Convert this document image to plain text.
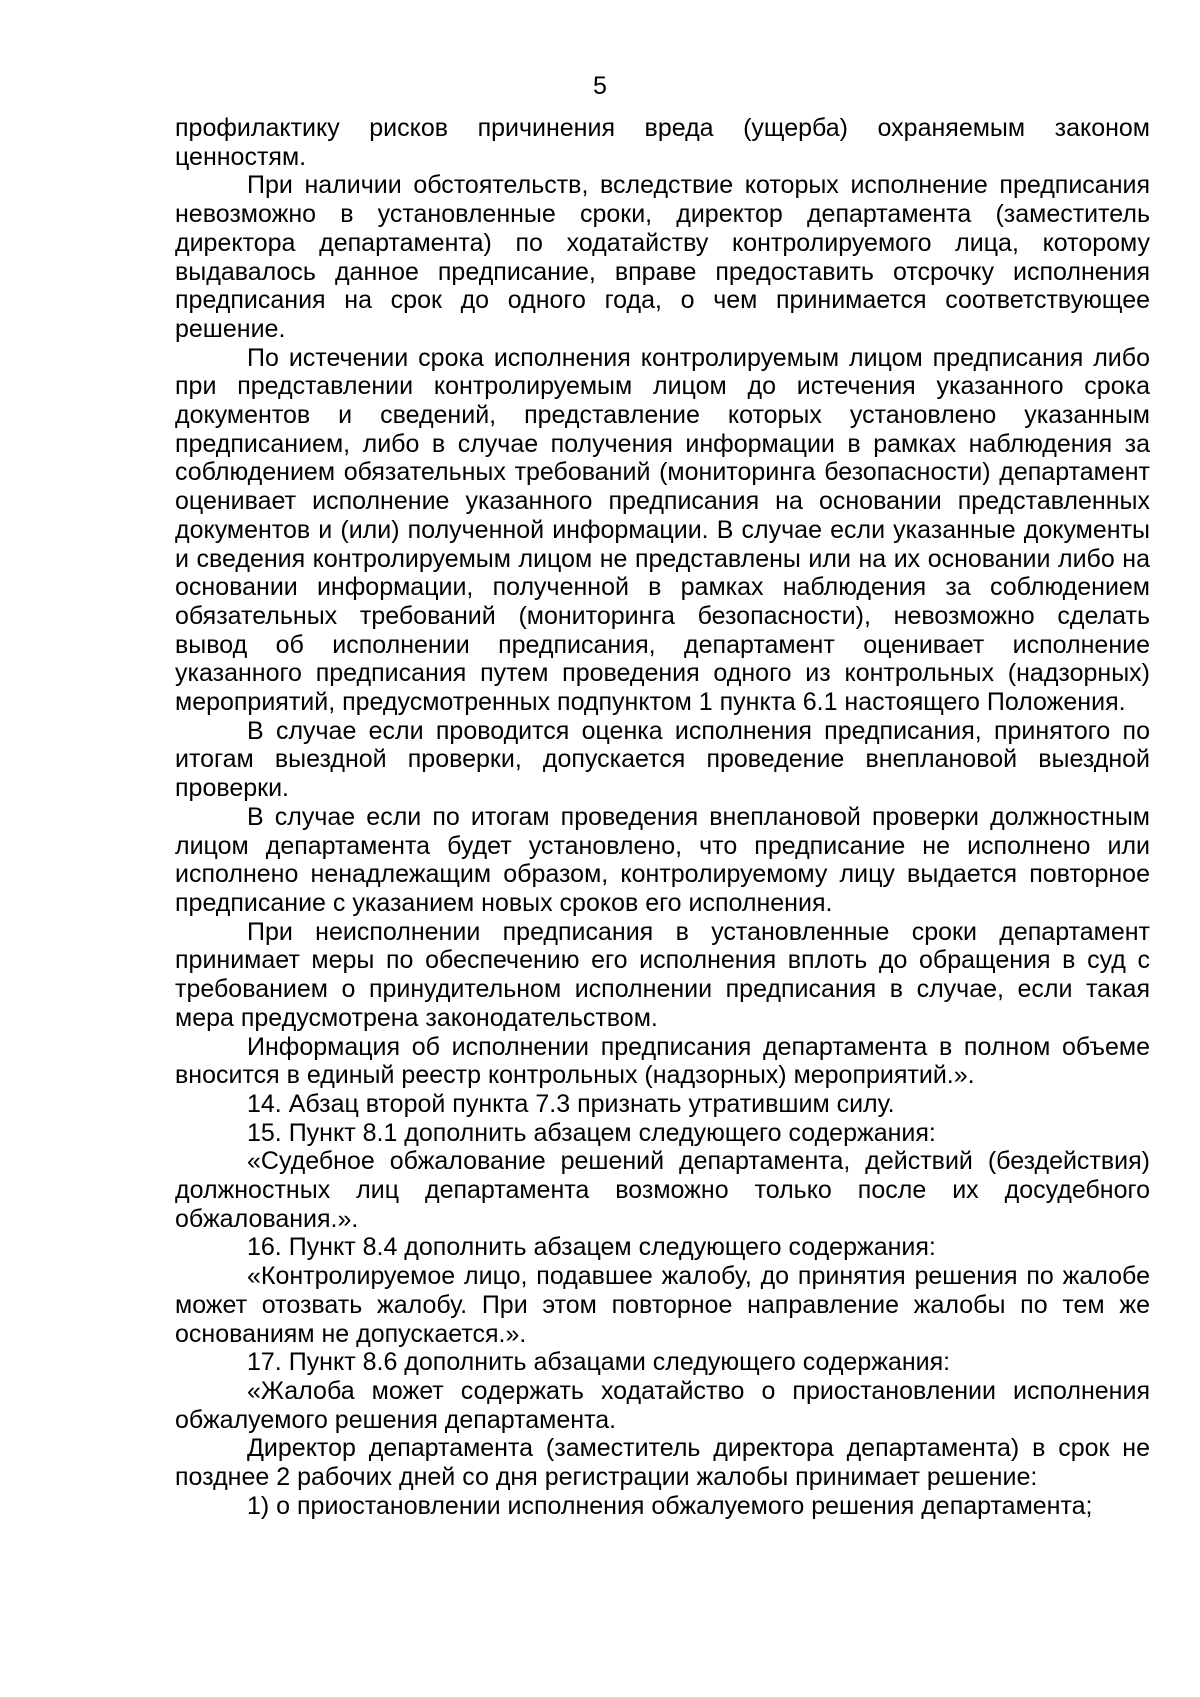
5

профилактику рисков причинения вреда (ущерба) охраняемым законом ценностям.

При наличии обстоятельств, вследствие которых исполнение предписания невозможно в установленные сроки, директор департамента (заместитель директора департамента) по ходатайству контролируемого лица, которому выдавалось данное предписание, вправе предоставить отсрочку исполнения предписания на срок до одного года, о чем принимается соответствующее решение.

По истечении срока исполнения контролируемым лицом предписания либо при представлении контролируемым лицом до истечения указанного срока документов и сведений, представление которых установлено указанным предписанием, либо в случае получения информации в рамках наблюдения за соблюдением обязательных требований (мониторинга безопасности) департамент оценивает исполнение указанного предписания на основании представленных документов и (или) полученной информации. В случае если указанные документы и сведения контролируемым лицом не представлены или на их основании либо на основании информации, полученной в рамках наблюдения за соблюдением обязательных требований (мониторинга безопасности), невозможно сделать вывод об исполнении предписания, департамент оценивает исполнение указанного предписания путем проведения одного из контрольных (надзорных) мероприятий, предусмотренных подпунктом 1 пункта 6.1 настоящего Положения.

В случае если проводится оценка исполнения предписания, принятого по итогам выездной проверки, допускается проведение внеплановой выездной проверки.

В случае если по итогам проведения внеплановой проверки должностным лицом департамента будет установлено, что предписание не исполнено или исполнено ненадлежащим образом, контролируемому лицу выдается повторное предписание с указанием новых сроков его исполнения.

При неисполнении предписания в установленные сроки департамент принимает меры по обеспечению его исполнения вплоть до обращения в суд с требованием о принудительном исполнении предписания в случае, если такая мера предусмотрена законодательством.

Информация об исполнении предписания департамента в полном объеме вносится в единый реестр контрольных (надзорных) мероприятий.».

14. Абзац второй пункта 7.3 признать утратившим силу.

15. Пункт 8.1 дополнить абзацем следующего содержания:

«Судебное обжалование решений департамента, действий (бездействия) должностных лиц департамента возможно только после их досудебного обжалования.».

16. Пункт 8.4 дополнить абзацем следующего содержания:

«Контролируемое лицо, подавшее жалобу, до принятия решения по жалобе может отозвать жалобу. При этом повторное направление жалобы по тем же основаниям не допускается.».

17. Пункт 8.6 дополнить абзацами следующего содержания:

«Жалоба может содержать ходатайство о приостановлении исполнения обжалуемого решения департамента.

Директор департамента (заместитель директора департамента) в срок не позднее 2 рабочих дней со дня регистрации жалобы принимает решение:

1) о приостановлении исполнения обжалуемого решения департамента;
